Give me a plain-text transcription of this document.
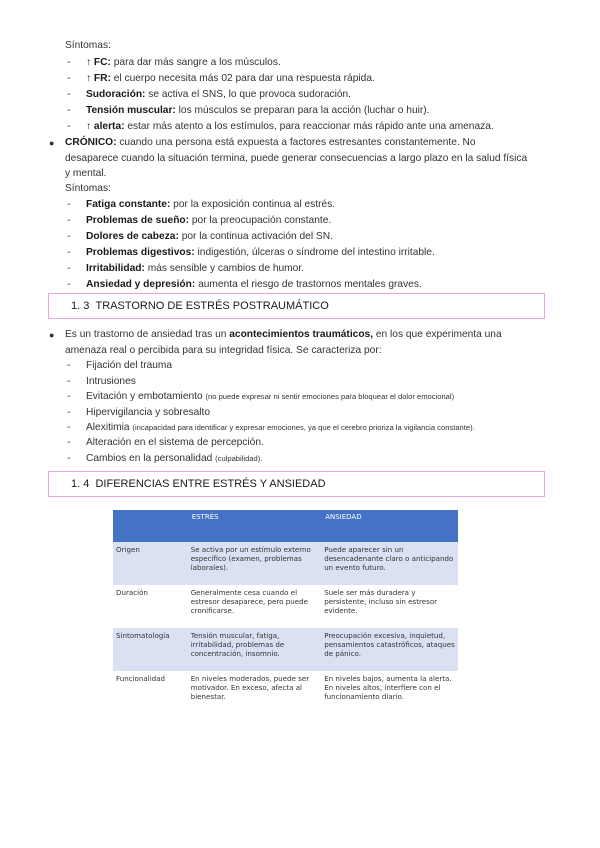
Síntomas:
- ↑ FC: para dar más sangre a los músculos.
- ↑ FR: el cuerpo necesita más 02 para dar una respuesta rápida.
- Sudoración: se activa el SNS, lo que provoca sudoración.
- Tensión muscular: los músculos se preparan para la acción (luchar o huir).
- ↑ alerta: estar más atento a los estímulos, para reaccionar más rápido ante una amenaza.
● CRÓNICO: cuando una persona está expuesta a factores estresantes constantemente. No
desaparece cuando la situación termina, puede generar consecuencias a largo plazo en la salud física
y mental.
Síntomas:
- Fatiga constante: por la exposición continua al estrés.
- Problemas de sueño: por la preocupación constante.
- Dolores de cabeza: por la continua activación del SN.
- Problemas digestivos: indigestión, úlceras o síndrome del intestino irritable.
- Irritabilidad: más sensible y cambios de humor.
- Ansiedad y depresión: aumenta el riesgo de trastornos mentales graves.
1. 3 TRASTORNO DE ESTRÉS POSTRAUMÁTICO
● Es un trastorno de ansiedad tras un acontecimientos traumáticos, en los que experimenta una
amenaza real o percibida para su integridad física. Se caracteriza por:
- Fijación del trauma
- Intrusiones
- Evitación y embotamiento (no puede expresar ni sentir emociones para bloquear el dolor emocional)
- Hipervigilancia y sobresalto
- Alexitimia (incapacidad para identificar y expresar emociones, ya que el cerebro prioriza la vigilancia constante).
- Alteración en el sistema de percepción.
- Cambios en la personalidad (culpabilidad).
1. 4 DIFERENCIAS ENTRE ESTRÉS Y ANSIEDAD
	ESTRÉS	ANSIEDAD
Origen	Se activa por un estímulo externo específico (examen, problemas laborales).	Puede aparecer sin un desencadenante claro o anticipando un evento futuro.
Duración	Generalmente cesa cuando el estresor desaparece, pero puede cronificarse.	Suele ser más duradera y persistente, incluso sin estresor evidente.
Sintomatología	Tensión muscular, fatiga, irritabilidad, problemas de concentración, insomnio.	Preocupación excesiva, inquietud, pensamientos catastróficos, ataques de pánico.
Funcionalidad	En niveles moderados, puede ser motivador. En exceso, afecta al bienestar.	En niveles bajos, aumenta la alerta. En niveles altos, interfiere con el funcionamiento diario.
